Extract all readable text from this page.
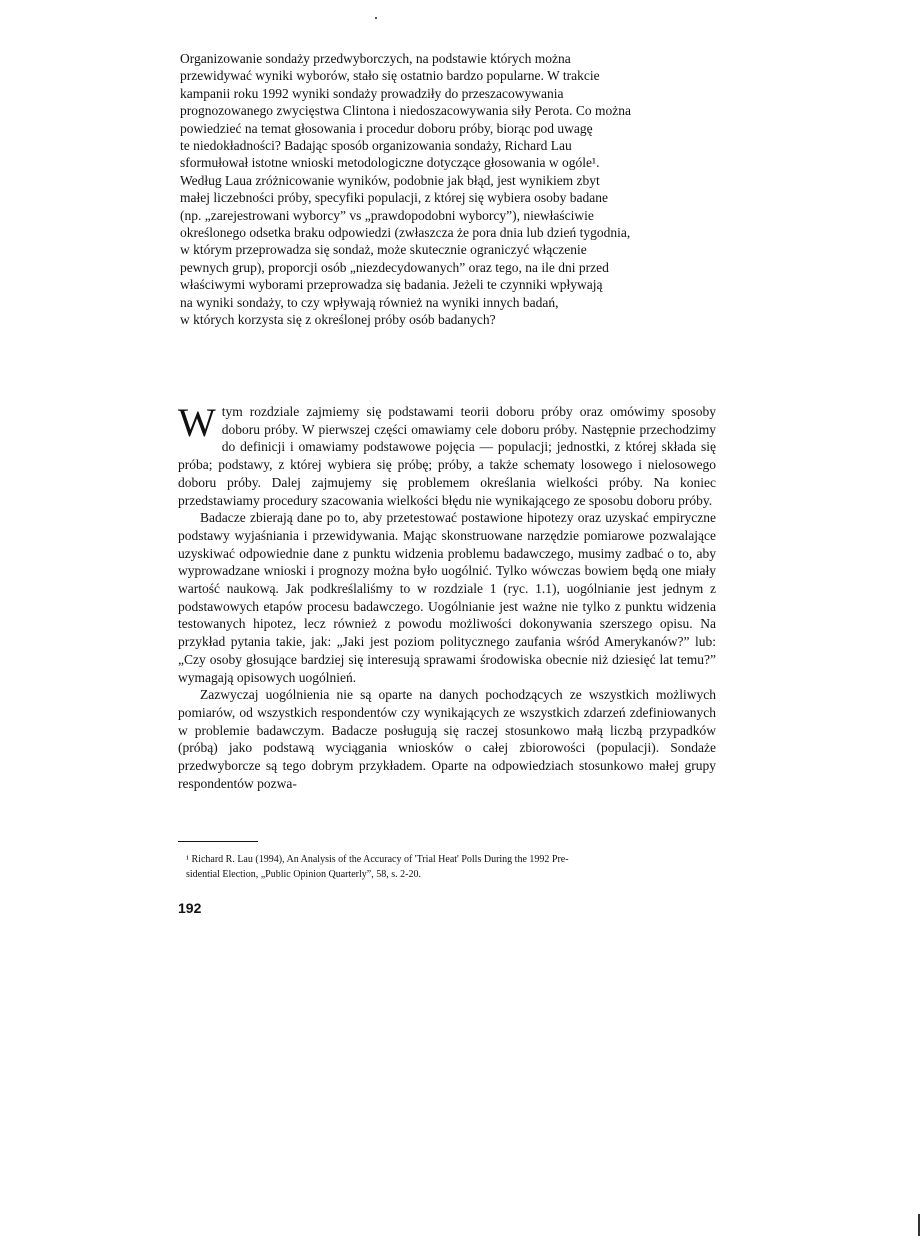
Organizowanie sondaży przedwyborczych, na podstawie których można

przewidywać wyniki wyborów, stało się ostatnio bardzo popularne. W trakcie

kampanii roku 1992 wyniki sondaży prowadziły do przeszacowywania

prognozowanego zwycięstwa Clintona i niedoszacowywania siły Perota. Co można

powiedzieć na temat głosowania i procedur doboru próby, biorąc pod uwagę

te niedokładności? Badając sposób organizowania sondaży, Richard Lau

sformułował istotne wnioski metodologiczne dotyczące głosowania w ogóle¹.

Według Laua zróżnicowanie wyników, podobnie jak błąd, jest wynikiem zbyt

małej liczebności próby, specyfiki populacji, z której się wybiera osoby badane

(np. „zarejestrowani wyborcy” vs „prawdopodobni wyborcy”), niewłaściwie

określonego odsetka braku odpowiedzi (zwłaszcza że pora dnia lub dzień tygodnia,

w którym przeprowadza się sondaż, może skutecznie ograniczyć włączenie

pewnych grup), proporcji osób „niezdecydowanych” oraz tego, na ile dni przed

właściwymi wyborami przeprowadza się badania. Jeżeli te czynniki wpływają

na wyniki sondaży, to czy wpływają również na wyniki innych badań,

w których korzysta się z określonej próby osób badanych?

W tym rozdziale zajmiemy się podstawami teorii doboru próby oraz omówimy sposoby doboru próby. W pierwszej części omawiamy cele doboru próby. Następnie przechodzimy do definicji i omawiamy podstawowe pojęcia — populacji; jednostki, z której składa się próba; podstawy, z której wybiera się próbę; próby, a także schematy losowego i nielosowego doboru próby. Dalej zajmujemy się problemem określania wielkości próby. Na koniec przedstawiamy procedury szacowania wielkości błędu nie wynikającego ze sposobu doboru próby.

Badacze zbierają dane po to, aby przetestować postawione hipotezy oraz uzyskać empiryczne podstawy wyjaśniania i przewidywania. Mając skonstruowane narzędzie pomiarowe pozwalające uzyskiwać odpowiednie dane z punktu widzenia problemu badawczego, musimy zadbać o to, aby wyprowadzane wnioski i prognozy można było uogólnić. Tylko wówczas bowiem będą one miały wartość naukową. Jak podkreślaliśmy to w rozdziale 1 (ryc. 1.1), uogólnianie jest jednym z podstawowych etapów procesu badawczego. Uogólnianie jest ważne nie tylko z punktu widzenia testowanych hipotez, lecz również z powodu możliwości dokonywania szerszego opisu. Na przykład pytania takie, jak: „Jaki jest poziom politycznego zaufania wśród Amerykanów?” lub: „Czy osoby głosujące bardziej się interesują sprawami środowiska obecnie niż dziesięć lat temu?” wymagają opisowych uogólnień.

Zazwyczaj uogólnienia nie są oparte na danych pochodzących ze wszystkich możliwych pomiarów, od wszystkich respondentów czy wynikających ze wszystkich zdarzeń zdefiniowanych w problemie badawczym. Badacze posługują się raczej stosunkowo małą liczbą przypadków (próbą) jako podstawą wyciągania wniosków o całej zbiorowości (populacji). Sondaże przedwyborcze są tego dobrym przykładem. Oparte na odpowiedziach stosunkowo małej grupy respondentów pozwa-

¹ Richard R. Lau (1994), An Analysis of the Accuracy of 'Trial Heat' Polls During the 1992 Pre-

sidential Election, „Public Opinion Quarterly”, 58, s. 2-20.

192
